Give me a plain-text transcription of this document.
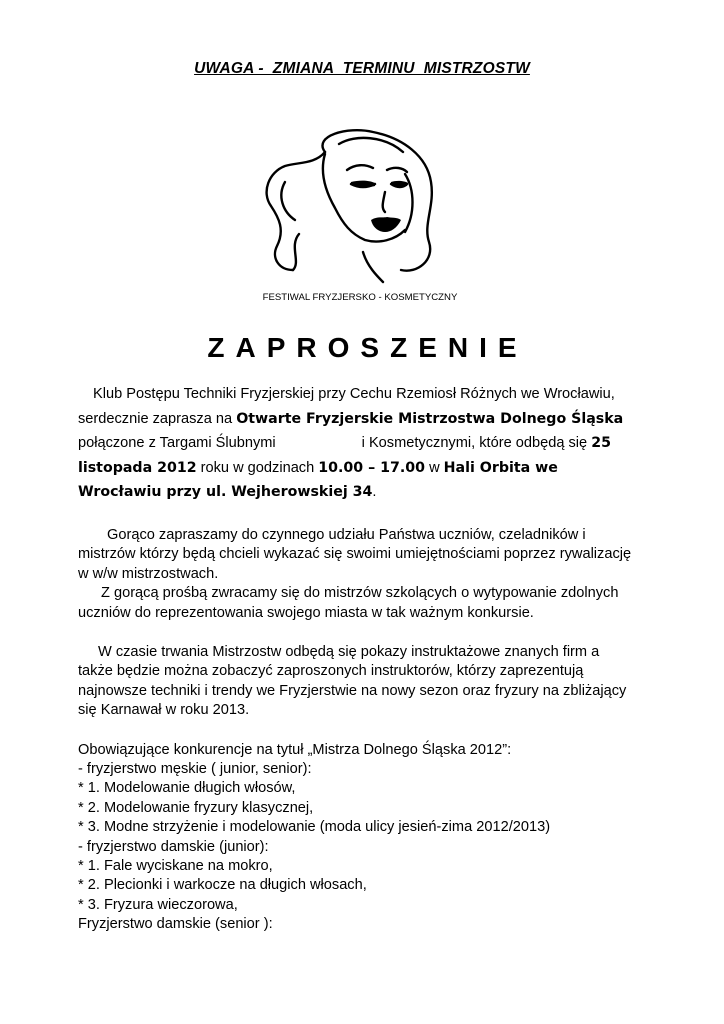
UWAGA -  ZMIANA  TERMINU  MISTRZOSTW
FESTIWAL FRYZJERSKO - KOSMETYCZNY
ZAPROSZENIE
Klub Postępu Techniki Fryzjerskiej przy Cechu Rzemiosł Różnych we Wrocławiu,
serdecznie zaprasza na Otwarte Fryzjerskie Mistrzostwa Dolnego Śląska
połączone z Targami Ślubnymi	i Kosmetycznymi, które odbędą się 25
listopada 2012 roku w godzinach 10.00 – 17.00 w Hali Orbita we
Wrocławiu przy ul. Wejherowskiej 34.
Gorąco zapraszamy do czynnego udziału Państwa uczniów, czeladników i
mistrzów którzy będą chcieli wykazać się swoimi umiejętnościami poprzez rywalizację
w w/w mistrzostwach.
Z gorącą prośbą zwracamy się do mistrzów szkolących o wytypowanie zdolnych
uczniów do reprezentowania swojego miasta w tak ważnym konkursie.
W czasie trwania Mistrzostw odbędą się pokazy instruktażowe znanych firm a
także będzie można zobaczyć zaproszonych instruktorów, którzy zaprezentują
najnowsze techniki i trendy we Fryzjerstwie na nowy sezon oraz fryzury na zbliżający
się Karnawał w roku 2013.
Obowiązujące konkurencje na tytuł „Mistrza Dolnego Śląska 2012”:
- fryzjerstwo męskie ( junior, senior):
* 1. Modelowanie długich włosów,
* 2. Modelowanie fryzury klasycznej,
* 3. Modne strzyżenie i modelowanie (moda ulicy jesień-zima 2012/2013)
- fryzjerstwo damskie (junior):
* 1. Fale wyciskane na mokro,
* 2. Plecionki i warkocze na długich włosach,
* 3. Fryzura wieczorowa,
Fryzjerstwo damskie (senior ):
